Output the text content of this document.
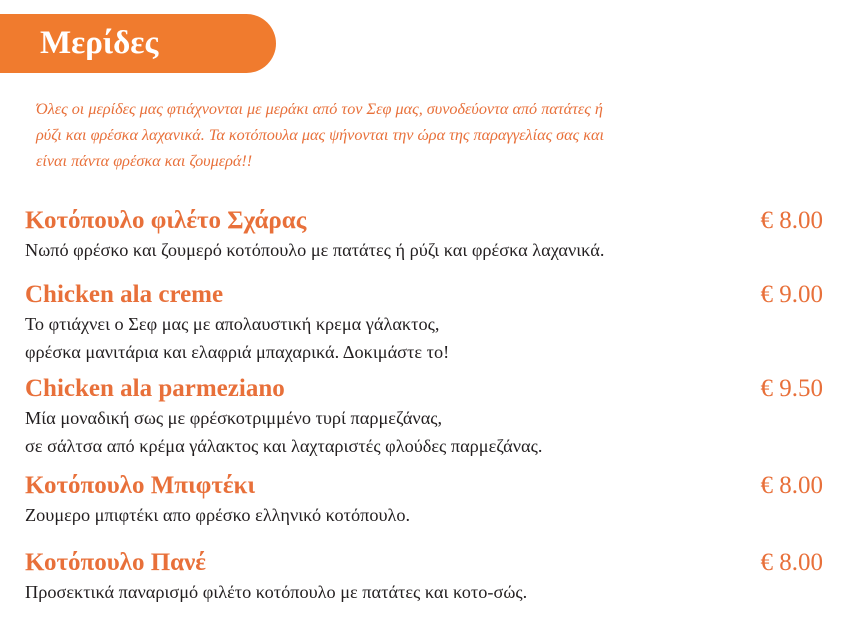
Μερίδες

Όλες οι μερίδες μας φτιάχνονται με μεράκι από τον Σεφ μας, συνοδεύοντα από πατάτες ή
ρύζι και φρέσκα λαχανικά. Τα κοτόπουλα μας ψήνονται την ώρα της παραγγελίας σας και
είναι πάντα φρέσκα και ζουμερά!!

Κοτόπουλο φιλέτο Σχάρας	€ 8.00

Νωπό φρέσκο και ζουμερό κοτόπουλο με πατάτες ή ρύζι και φρέσκα λαχανικά.

Chicken ala creme	€ 9.00

Το φτιάχνει ο Σεφ μας με απολαυστική κρεμα γάλακτος,
φρέσκα μανιτάρια και ελαφριά μπαχαρικά. Δοκιμάστε το!

Chicken ala parmeziano	€ 9.50

Μία μοναδική σως με φρέσκοτριμμένο τυρί παρμεζάνας,
σε σάλτσα από κρέμα γάλακτος και λαχταριστές φλούδες παρμεζάνας.

Κοτόπουλο Μπιφτέκι	€ 8.00

Ζουμερο μπιφτέκι απο φρέσκο ελληνικό κοτόπουλο.

Κοτόπουλο Πανέ	€ 8.00

Προσεκτικά παναρισμό φιλέτο κοτόπουλο με πατάτες και κοτο-σώς.
